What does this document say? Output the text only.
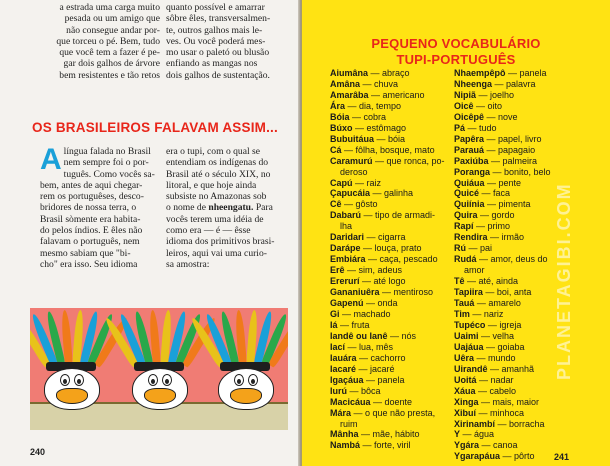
a estrada uma carga muito
pesada ou um amigo que
não consegue andar por-
que torceu o pé. Bem, tudo
que você tem a fazer é pe-
gar dois galhos de árvore
bem resistentes e tão retos

quanto possível e amarrar
sôbre êles, transversalmen-
te, outros galhos mais le-
ves. Ou você poderá mes-
mo usar o paletó ou blusão
enfiando as mangas nos
dois galhos de sustentação.

OS BRASILEIROS FALAVAM ASSIM...
A língua falada no Brasil
nem sempre foi o por-
tuguês. Como vocês sa-
bem, antes de aqui chegar-
rem os portuguêses, desco-
bridores de nossa terra, o
Brasil sòmente era habita-
do pelos índios. E êles não
falavam o português, nem
mesmo sabiam que "bi-
cho" era isso. Seu idioma

era o tupi, com o qual se
entendiam os indígenas do
Brasil até o século XIX, no
litoral, e que hoje ainda
subsiste no Amazonas sob
o nome de nheengatu. Para
vocês terem uma idéia de
como era — é — êsse
idioma dos primitivos brasi-
leiros, aqui vai uma curio-
sa amostra:

240
PEQUENO VOCABULÁRIO
TUPI-PORTUGUÊS
Aiumâna — abraço
Amâna — chuva
Amarâba — americano
Ára — dia, tempo
Bóia — cobra
Búxo — estômago
Bubuitáua — bóia
Cá — fôlha, bosque, mato
Caramurú — que ronca, po-
deroso
Capú — raiz
Çapucáia — galinha
Cê — gôsto
Dabarú — tipo de armadi-
lha
Daridari — cigarra
Darápe — louça, prato
Embiára — caça, pescado
Erê — sim, adeus
Ererurí — até logo
Gananiuêra — mentiroso
Gapenú — onda
Gi — machado
Iá — fruta
Iandê ou Ianê — nós
Iací — lua, mês
Iauára — cachorro
Iacaré — jacaré
Igaçáua — panela
Iurú — bôca
Macicáua — doente
Mára — o que não presta,
ruim
Mânha — mãe, hábito
Nambá — forte, viril
Nhaempêpô — panela
Nheenga — palavra
Nipiã — joelho
Oicê — oito
Oicêpê — nove
Pá — tudo
Papêra — papel, livro
Parauá — papagaio
Paxiúba — palmeira
Poranga — bonito, belo
Quiáua — pente
Quicé — faca
Quiínia — pimenta
Quira — gordo
Rapí — primo
Rendira — irmão
Rú — pai
Rudá — amor, deus do
amor
Tê — até, ainda
Tapiira — boi, anta
Tauá — amarelo
Tim — nariz
Tupéco — igreja
Uaimi — velha
Uajáua — goiaba
Uêra — mundo
Uirandê — amanhã
Uoitá — nadar
Xáua — cabelo
Xinga — mais, maior
Xibuí — minhoca
Xirinambí — borracha
Y — água
Ygára — canoa
Ygarapáua — pôrto
PLANETAGIBI.COM
241
